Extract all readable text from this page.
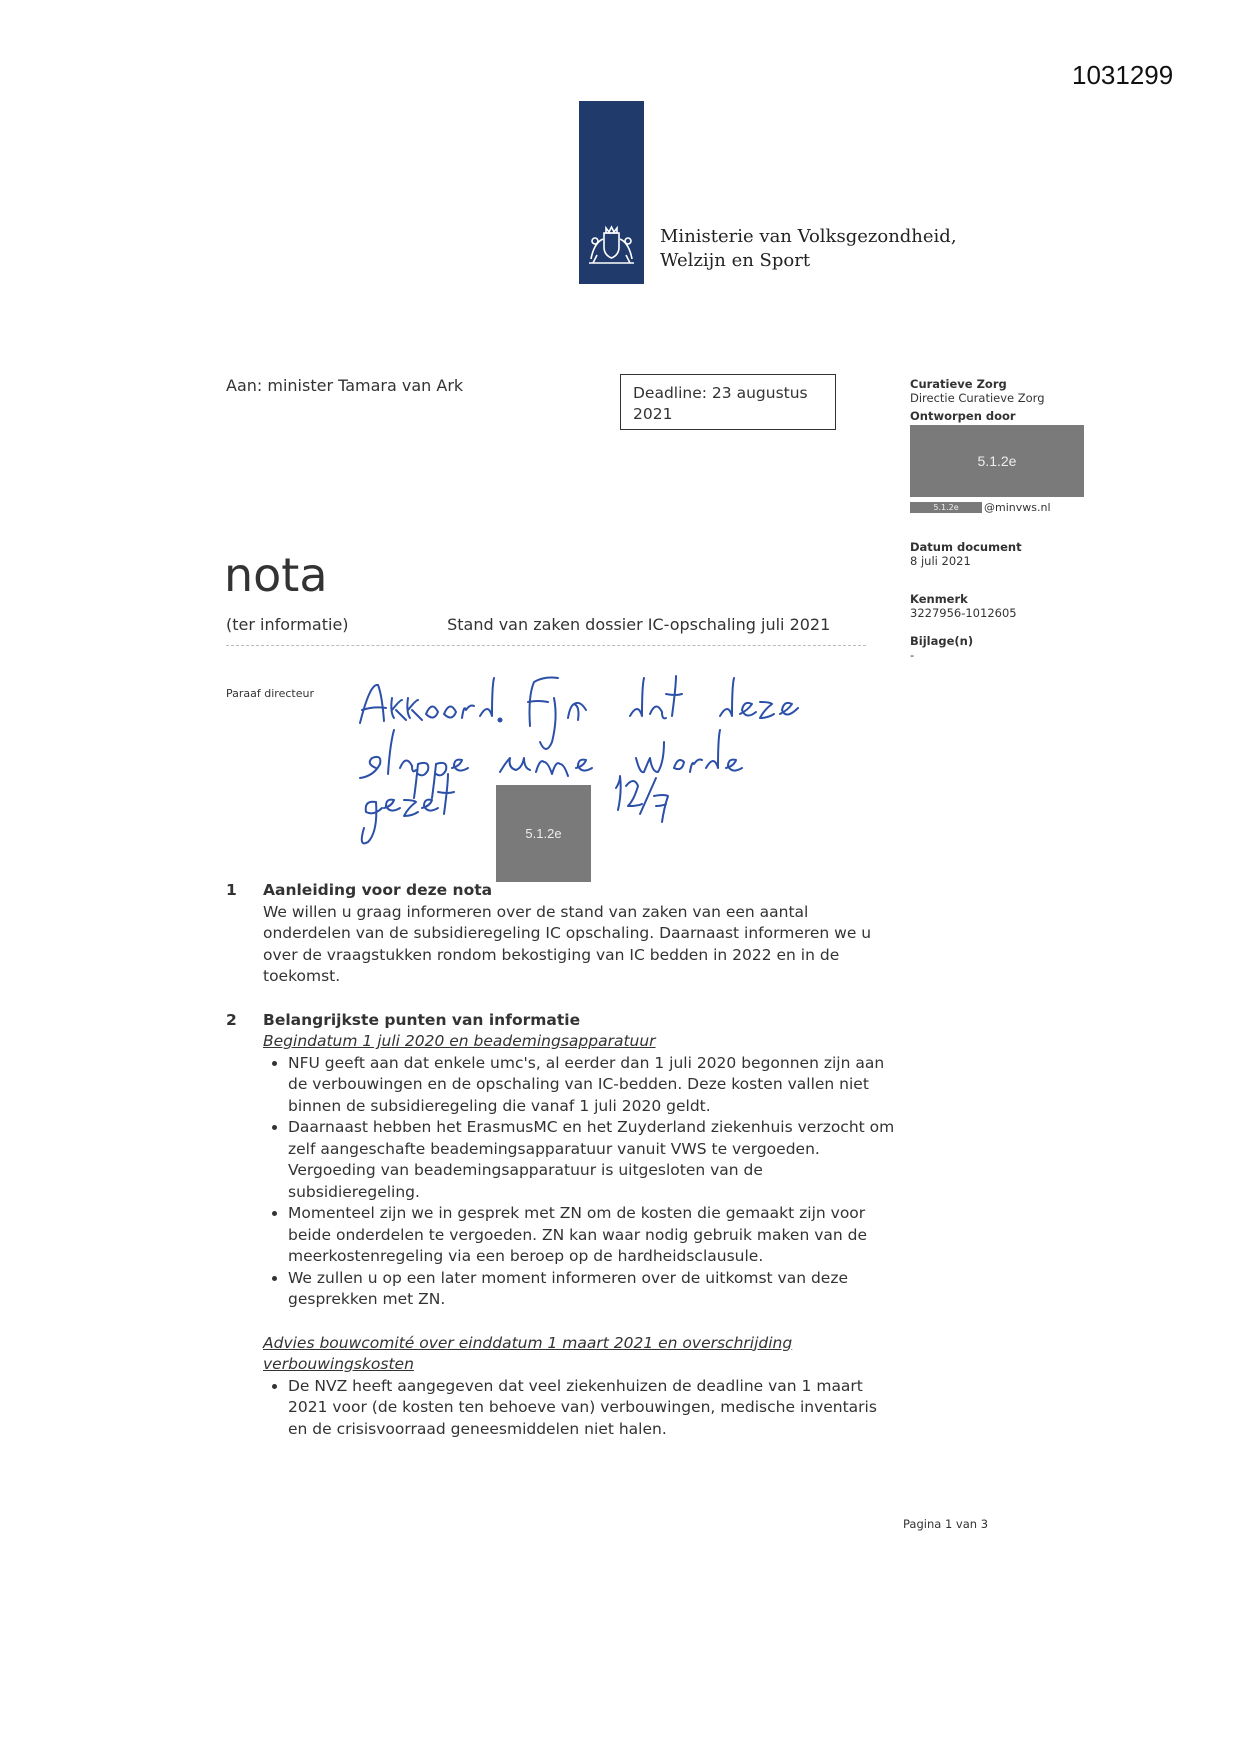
1031299
Ministerie van Volksgezondheid,
Welzijn en Sport
Aan: minister Tamara van Ark	Deadline: 23 augustus
2021
Curatieve Zorg
Directie Curatieve Zorg
Ontworpen door
5.1.2e
5.1.2e	@minvws.nl
Datum document
8 juli 2021
Kenmerk
3227956-1012605
Bijlage(n)
-
nota
(ter informatie)	Stand van zaken dossier IC-opschaling juli 2021
Paraaf directeur
5.1.2e
1	Aanleiding voor deze nota
We willen u graag informeren over de stand van zaken van een aantal onderdelen van de subsidieregeling IC opschaling. Daarnaast informeren we u over de vraagstukken rondom bekostiging van IC bedden in 2022 en in de toekomst.
2	Belangrijkste punten van informatie
Begindatum 1 juli 2020 en beademingsapparatuur
• NFU geeft aan dat enkele umc's, al eerder dan 1 juli 2020 begonnen zijn aan de verbouwingen en de opschaling van IC-bedden. Deze kosten vallen niet binnen de subsidieregeling die vanaf 1 juli 2020 geldt.
• Daarnaast hebben het ErasmusMC en het Zuyderland ziekenhuis verzocht om zelf aangeschafte beademingsapparatuur vanuit VWS te vergoeden. Vergoeding van beademingsapparatuur is uitgesloten van de subsidieregeling.
• Momenteel zijn we in gesprek met ZN om de kosten die gemaakt zijn voor beide onderdelen te vergoeden. ZN kan waar nodig gebruik maken van de meerkostenregeling via een beroep op de hardheidsclausule.
• We zullen u op een later moment informeren over de uitkomst van deze gesprekken met ZN.
Advies bouwcomité over einddatum 1 maart 2021 en overschrijding verbouwingskosten
• De NVZ heeft aangegeven dat veel ziekenhuizen de deadline van 1 maart 2021 voor (de kosten ten behoeve van) verbouwingen, medische inventaris en de crisisvoorraad geneesmiddelen niet halen.
Pagina 1 van 3
